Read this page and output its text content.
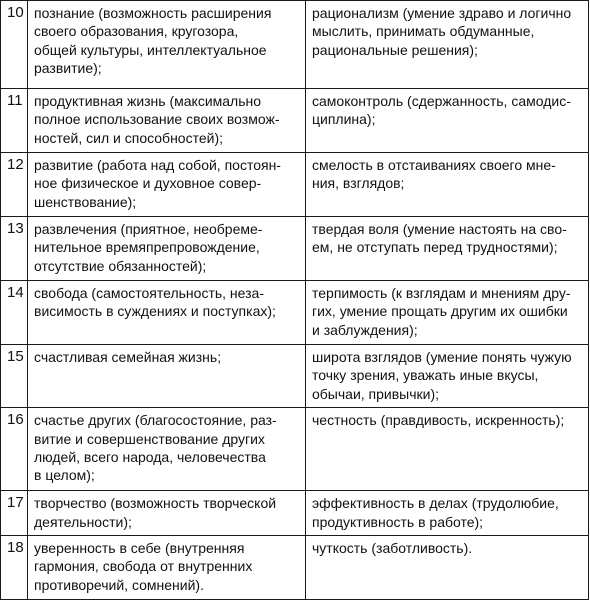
10	познание (возможность расширения
своего образования, кругозора,
общей культуры, интеллектуальное
развитие);	рационализм (умение здраво и логично
мыслить, принимать обдуманные,
рациональные решения);

11	продуктивная жизнь (максимально
полное использование своих возмож-
ностей, сил и способностей);	самоконтроль (сдержанность, самодис-
циплина);

12	развитие (работа над собой, постоян-
ное физическое и духовное совер-
шенствование);	смелость в отстаиваниях своего мне-
ния, взглядов;

13	развлечения (приятное, необреме-
нительное времяпрепровождение,
отсутствие обязанностей);	твердая воля (умение настоять на сво-
ем, не отступать перед трудностями);

14	свобода (самостоятельность, неза-
висимость в суждениях и поступках);	терпимость (к взглядам и мнениям дру-
гих, умение прощать другим их ошибки
и заблуждения);

15	счастливая семейная жизнь;	широта взглядов (умение понять чужую
точку зрения, уважать иные вкусы,
обычаи, привычки);

16	счастье других (благосостояние, раз-
витие и совершенствование других
людей, всего народа, человечества
в целом);	честность (правдивость, искренность);

17	творчество (возможность творческой
деятельности);	эффективность в делах (трудолюбие,
продуктивность в работе);

18	уверенность в себе (внутренняя
гармония, свобода от внутренних
противоречий, сомнений).	чуткость (заботливость).
